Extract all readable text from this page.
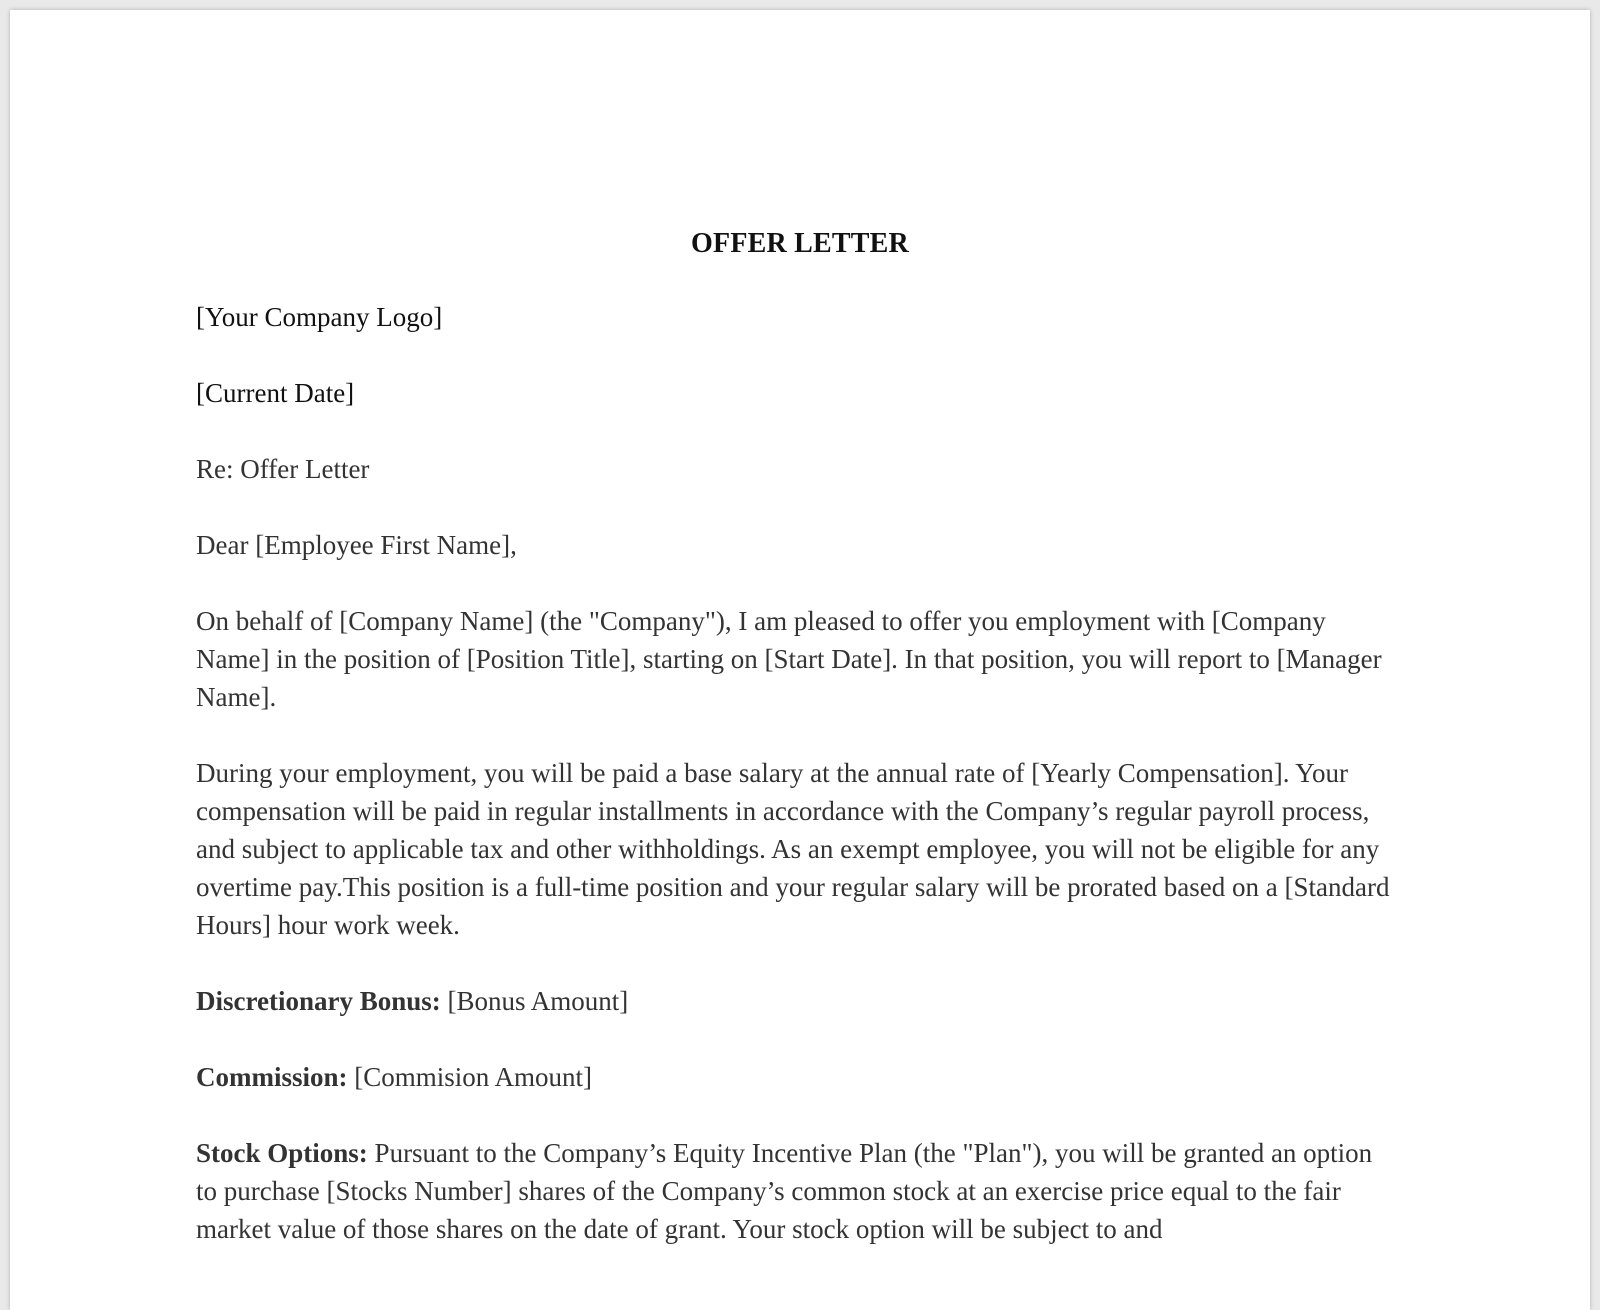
OFFER LETTER

[Your Company Logo]

[Current Date]

Re: Offer Letter

Dear [Employee First Name],

On behalf of [Company Name] (the "Company"), I am pleased to offer you employment with [Company Name] in the position of [Position Title], starting on [Start Date]. In that position, you will report to [Manager Name].

During your employment, you will be paid a base salary at the annual rate of [Yearly Compensation]. Your compensation will be paid in regular installments in accordance with the Company’s regular payroll process, and subject to applicable tax and other withholdings. As an exempt employee, you will not be eligible for any overtime pay.This position is a full-time position and your regular salary will be prorated based on a [Standard Hours] hour work week.

Discretionary Bonus: [Bonus Amount]

Commission: [Commision Amount]

Stock Options: Pursuant to the Company’s Equity Incentive Plan (the "Plan"), you will be granted an option to purchase [Stocks Number] shares of the Company’s common stock at an exercise price equal to the fair market value of those shares on the date of grant. Your stock option will be subject to and
